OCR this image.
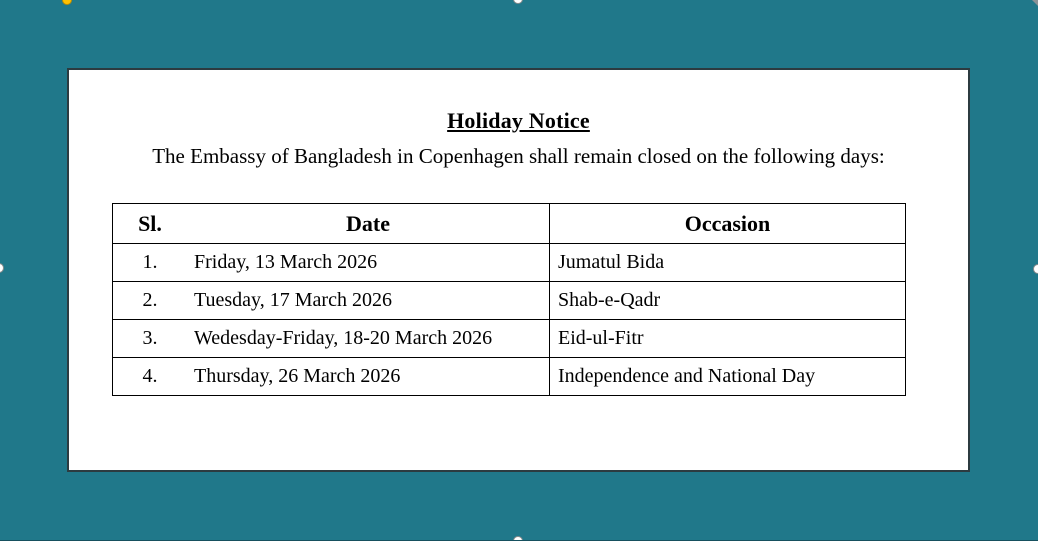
Holiday Notice
The Embassy of Bangladesh in Copenhagen shall remain closed on the following days:
Sl.	Date	Occasion
1.	Friday, 13 March 2026	Jumatul Bida
2.	Tuesday, 17 March 2026	Shab-e-Qadr
3.	Wedesday-Friday, 18-20 March 2026	Eid-ul-Fitr
4.	Thursday, 26 March 2026	Independence and National Day
